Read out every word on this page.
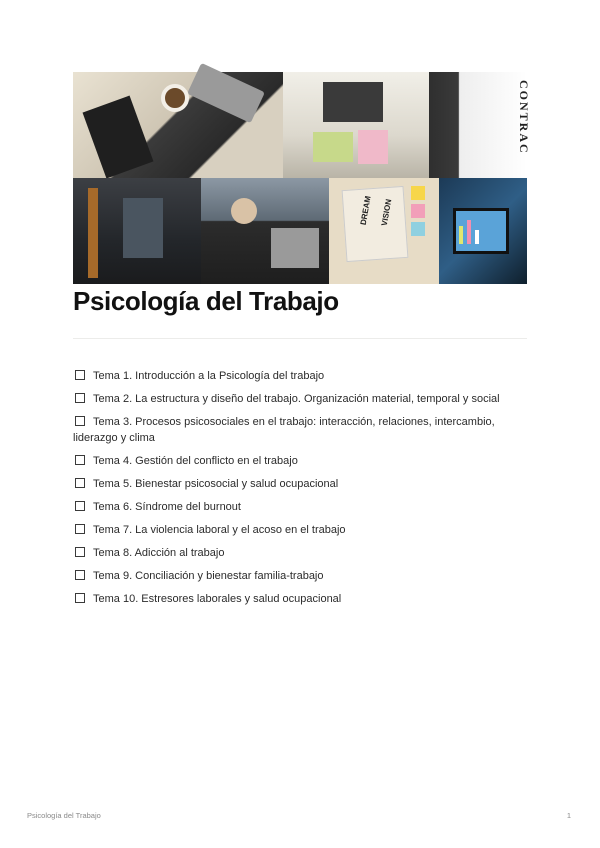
CONTRAC
DREAM VISION
Psicología del Trabajo
Tema 1. Introducción a la Psicología del trabajo
Tema 2. La estructura y diseño del trabajo. Organización material, temporal y social
Tema 3. Procesos psicosociales en el trabajo: interacción, relaciones, intercambio, liderazgo y clima
Tema 4. Gestión del conflicto en el trabajo
Tema 5. Bienestar psicosocial y salud ocupacional
Tema 6. Síndrome del burnout
Tema 7. La violencia laboral y el acoso en el trabajo
Tema 8. Adicción al trabajo
Tema 9. Conciliación y bienestar familia-trabajo
Tema 10. Estresores laborales y salud ocupacional
Psicología del Trabajo	1
